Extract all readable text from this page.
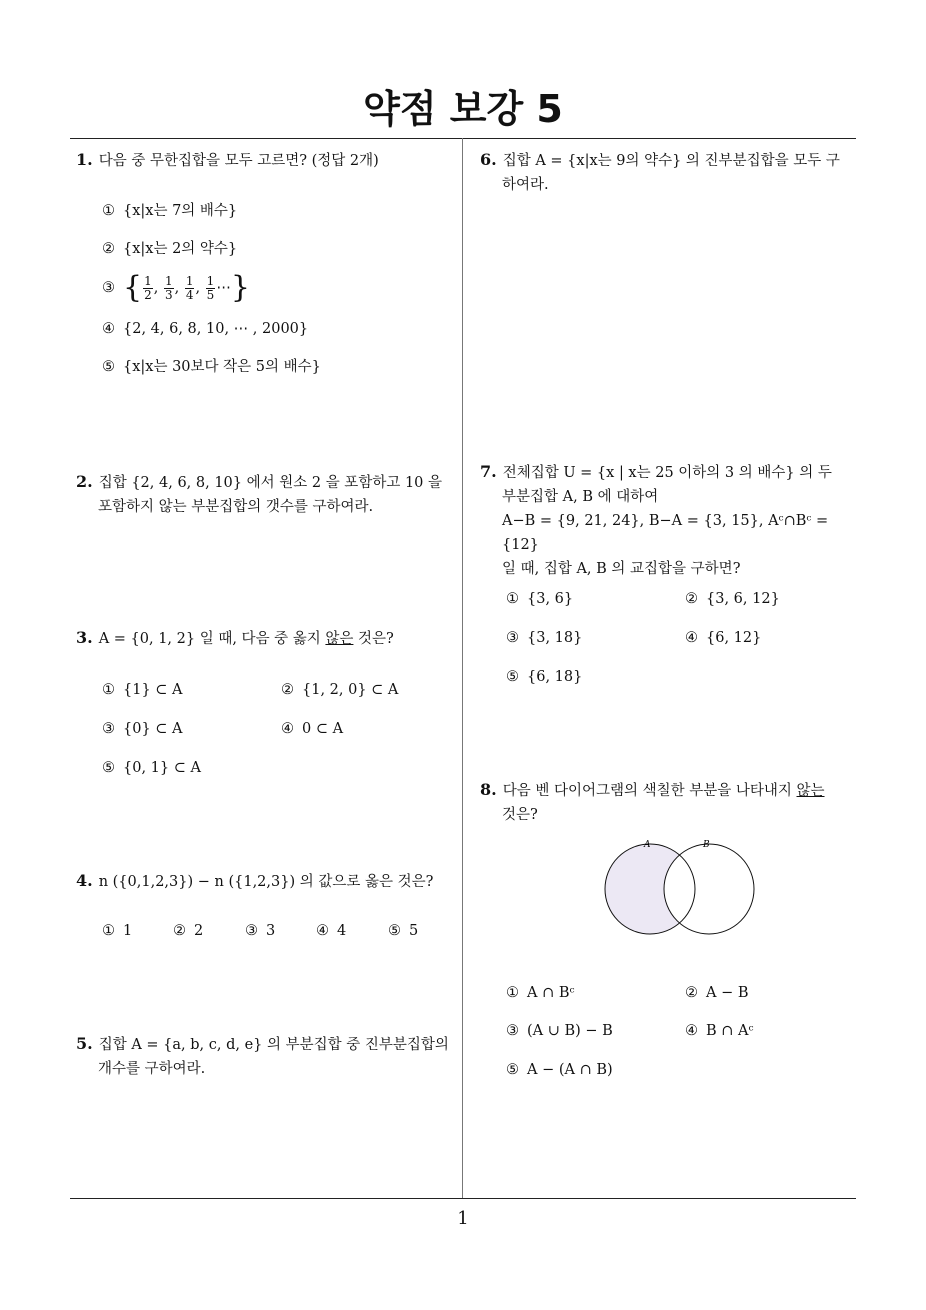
약점 보강 5
1
1. 다음 중 무한집합을 모두 고르면? (정답 2개)
① {x|x는 7의 배수}
② {x|x는 2의 약수}
③ { $\frac{1}{2}$ , $\frac{1}{3}$ , $\frac{1}{4}$ , $\frac{1}{5}$ ⋯}
④ {2, 4, 6, 8, 10, ⋯ , 2000}
⑤ {x|x는 30보다 작은 5의 배수}
2. 집합 {2, 4, 6, 8, 10} 에서 원소 2 을 포함하고 10 을
포함하지 않는 부분집합의 갯수를 구하여라.
3. A = {0, 1, 2} 일 때, 다음 중 옳지 않은 것은?
① {1} ⊂ A	② {1, 2, 0} ⊂ A
③ {0} ⊂ A	④ 0 ⊂ A
⑤ {0, 1} ⊂ A
4. n ({0,1,2,3}) − n ({1,2,3}) 의 값으로 옳은 것은?
① 1	② 2	③ 3	④ 4	⑤ 5
5. 집합 A = {a, b, c, d, e} 의 부분집합 중 진부분집합의
개수를 구하여라.
6. 집합 A = {x|x는 9의 약수} 의 진부분집합을 모두 구
하여라.
7. 전체집합 U = {x | x는 25 이하의 3 의 배수} 의 두
부분집합 A, B 에 대하여
A−B = {9, 21, 24}, B−A = {3, 15}, Aᶜ∩Bᶜ = {12}
일 때, 집합 A, B 의 교집합을 구하면?
① {3, 6}	② {3, 6, 12}
③ {3, 18}	④ {6, 12}
⑤ {6, 18}
8. 다음 벤 다이어그램의 색칠한 부분을 나타내지 않는
것은?
A	B
① A ∩ Bᶜ	② A − B
③ (A ∪ B) − B	④ B ∩ Aᶜ
⑤ A − (A ∩ B)
